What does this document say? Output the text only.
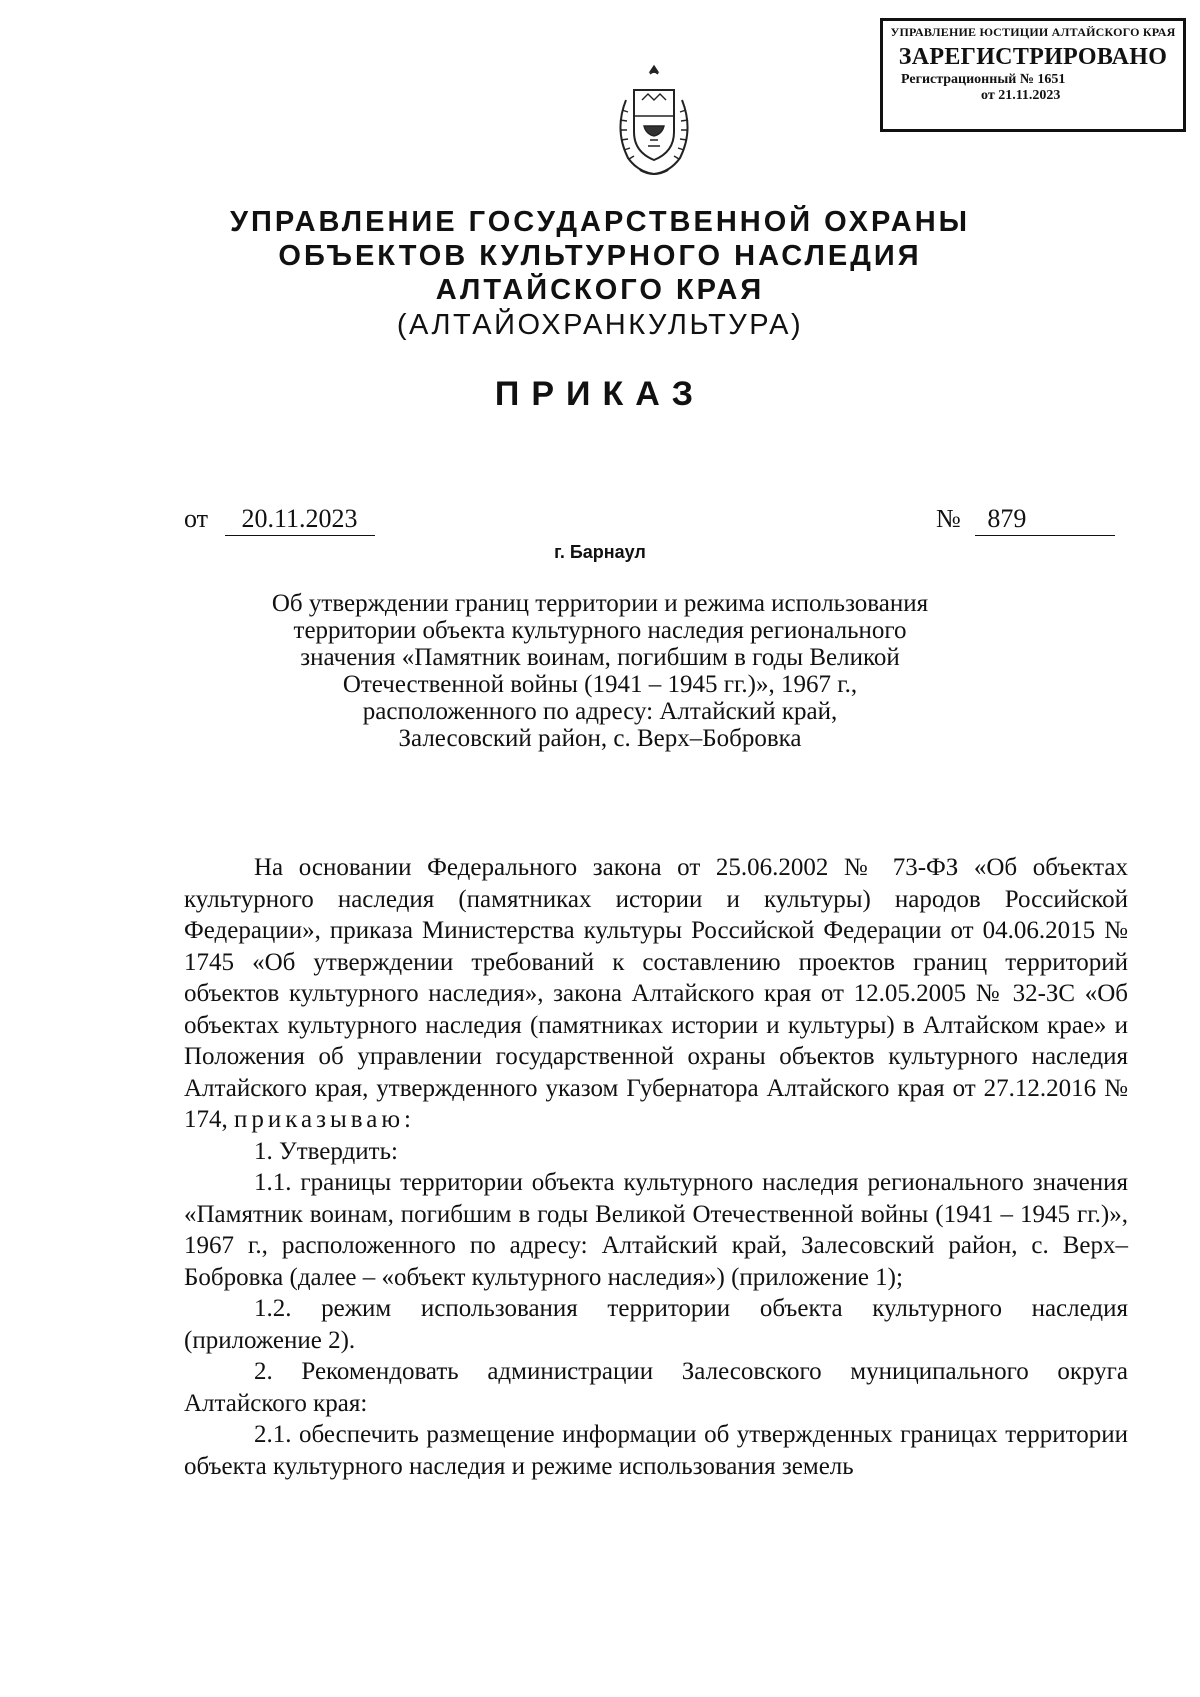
УПРАВЛЕНИЕ ЮСТИЦИИ АЛТАЙСКОГО КРАЯ
ЗАРЕГИСТРИРОВАНО
Регистрационный № 1651
от 21.11.2023
УПРАВЛЕНИЕ ГОСУДАРСТВЕННОЙ ОХРАНЫ
ОБЪЕКТОВ КУЛЬТУРНОГО НАСЛЕДИЯ
АЛТАЙСКОГО КРАЯ
(АЛТАЙОХРАНКУЛЬТУРА)
ПРИКАЗ
от 20.11.2023	№ 879
г. Барнаул
Об утверждении границ территории и режима использования
территории объекта культурного наследия регионального
значения «Памятник воинам, погибшим в годы Великой
Отечественной войны (1941 – 1945 гг.)», 1967 г.,
расположенного по адресу: Алтайский край,
Залесовский район, с. Верх–Бобровка
На основании Федерального закона от 25.06.2002 № 73-ФЗ «Об объектах культурного наследия (памятниках истории и культуры) народов Российской Федерации», приказа Министерства культуры Российской Федерации от 04.06.2015 № 1745 «Об утверждении требований к составлению проектов границ территорий объектов культурного наследия», закона Алтайского края от 12.05.2005 № 32-ЗС «Об объектах культурного наследия (памятниках истории и культуры) в Алтайском крае» и Положения об управлении государственной охраны объектов культурного наследия Алтайского края, утвержденного указом Губернатора Алтайского края от 27.12.2016 № 174, приказываю:
1. Утвердить:
1.1. границы территории объекта культурного наследия регионального значения «Памятник воинам, погибшим в годы Великой Отечественной войны (1941 – 1945 гг.)», 1967 г., расположенного по адресу: Алтайский край, Залесовский район, с. Верх–Бобровка (далее – «объект культурного наследия») (приложение 1);
1.2. режим использования территории объекта культурного наследия (приложение 2).
2. Рекомендовать администрации Залесовского муниципального округа Алтайского края:
2.1. обеспечить размещение информации об утвержденных границах территории объекта культурного наследия и режиме использования земель
